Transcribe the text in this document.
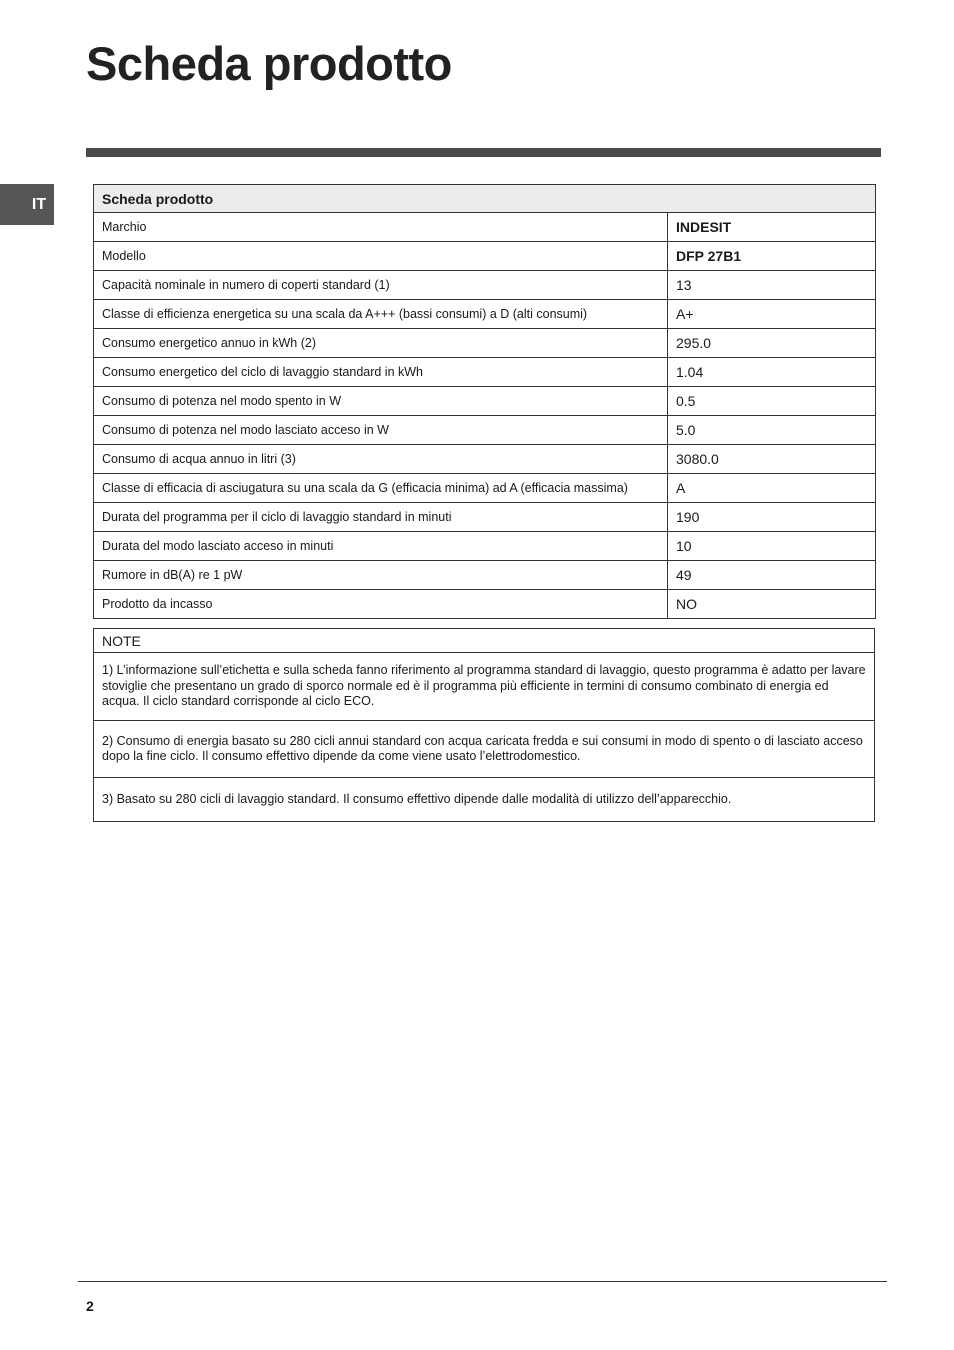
Scheda prodotto
IT	Scheda prodotto	
Marchio	INDESIT
Modello	DFP 27B1
Capacità nominale in numero di coperti standard (1)	13
Classe di efficienza energetica su una scala da A+++ (bassi consumi) a D (alti consumi)	A+
Consumo energetico annuo in kWh (2)	295.0
Consumo energetico del ciclo di lavaggio standard in kWh	1.04
Consumo di potenza nel modo spento in W	0.5
Consumo di potenza nel modo lasciato acceso in W	5.0
Consumo di acqua annuo in litri (3)	3080.0
Classe di efficacia di asciugatura su una scala da G (efficacia minima) ad A (efficacia massima)	A
Durata del programma per il ciclo di lavaggio standard in minuti	190
Durata del modo lasciato acceso in minuti	10
Rumore in dB(A) re 1 pW	49
Prodotto da incasso	NO
NOTE
1) L’informazione sull’etichetta e sulla scheda fanno riferimento al programma standard di lavaggio, questo programma è adatto per lavare stoviglie che presentano un grado di sporco normale ed è il programma più efficiente in termini di consumo combinato di energia ed acqua. Il ciclo standard corrisponde al ciclo ECO.
2) Consumo di energia basato su 280 cicli annui standard con acqua caricata fredda e sui consumi in modo di spento o di lasciato acceso dopo la fine ciclo. Il consumo effettivo dipende da come viene usato l’elettrodomestico.
3) Basato su 280 cicli di lavaggio standard. Il consumo effettivo dipende dalle modalità di utilizzo dell’apparecchio.
2
